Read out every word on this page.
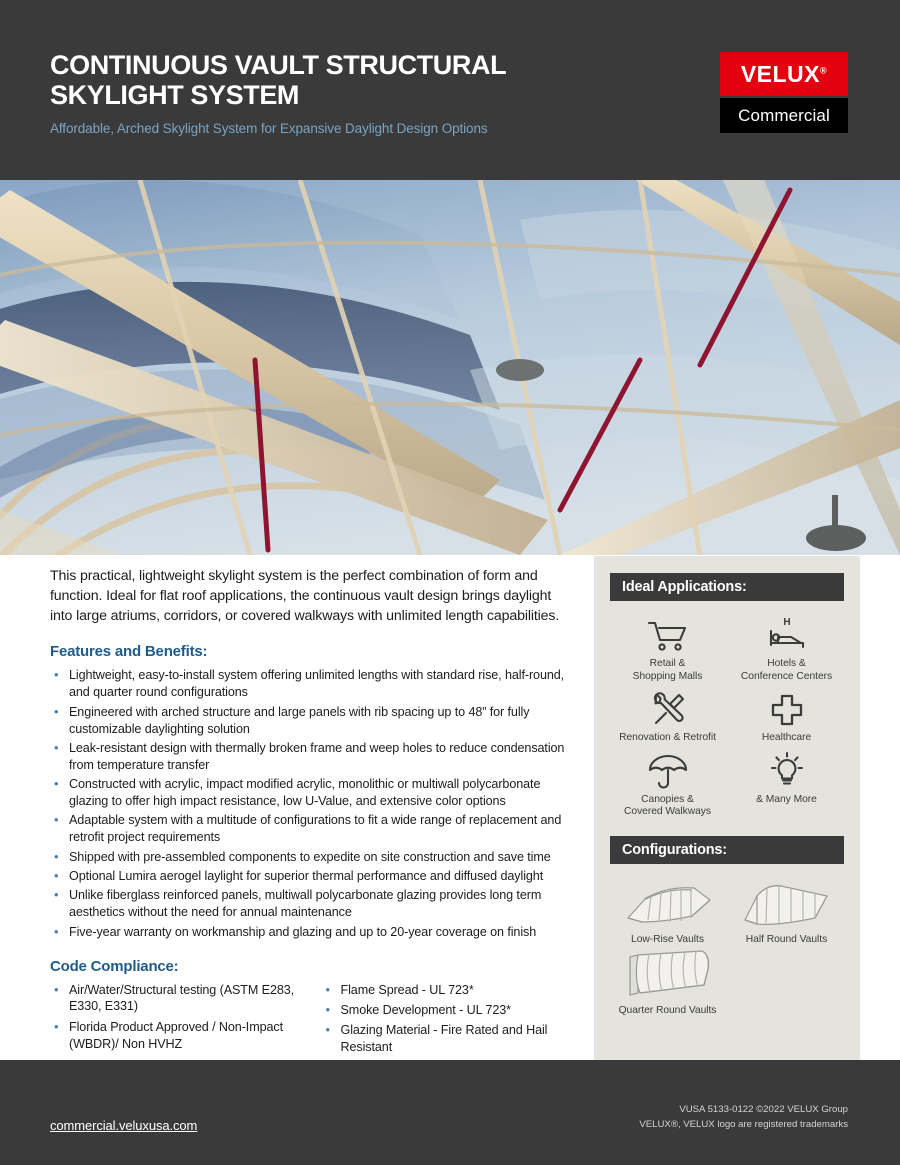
CONTINUOUS VAULT STRUCTURAL SKYLIGHT SYSTEM
Affordable, Arched Skylight System for Expansive Daylight Design Options
VELUX®
Commercial

This practical, lightweight skylight system is the perfect combination of form and function. Ideal for flat roof applications, the continuous vault design brings daylight into large atriums, corridors, or covered walkways with unlimited length capabilities.

Features and Benefits:
• Lightweight, easy-to-install system offering unlimited lengths with standard rise, half-round, and quarter round configurations
• Engineered with arched structure and large panels with rib spacing up to 48” for fully customizable daylighting solution
• Leak-resistant design with thermally broken frame and weep holes to reduce condensation from temperature transfer
• Constructed with acrylic, impact modified acrylic, monolithic or multiwall polycarbonate glazing to offer high impact resistance, low U-Value, and extensive color options
• Adaptable system with a multitude of configurations to fit a wide range of replacement and retrofit project requirements
• Shipped with pre-assembled components to expedite on site construction and save time
• Optional Lumira aerogel laylight for superior thermal performance and diffused daylight
• Unlike fiberglass reinforced panels, multiwall polycarbonate glazing provides long term aesthetics without the need for annual maintenance
• Five-year warranty on workmanship and glazing and up to 20-year coverage on finish
Code Compliance:
• Air/Water/Structural testing (ASTM E283, E330, E331)
• Florida Product Approved / Non-Impact (WBDR)/ Non HVHZ
• Flame Spread - UL 723*
• Smoke Development - UL 723*
• Glazing Material - Fire Rated and Hail Resistant
Ideal Applications:
Retail &
Shopping Malls
H
Hotels &
Conference Centers
Renovation & Retrofit	Healthcare
Canopies &
Covered Walkways
& Many More
Configurations:
Low-Rise Vaults	Half Round Vaults
Quarter Round Vaults
commercial.veluxusa.com
VUSA 5133-0122 ©2022 VELUX Group
VELUX®, VELUX logo are registered trademarks
